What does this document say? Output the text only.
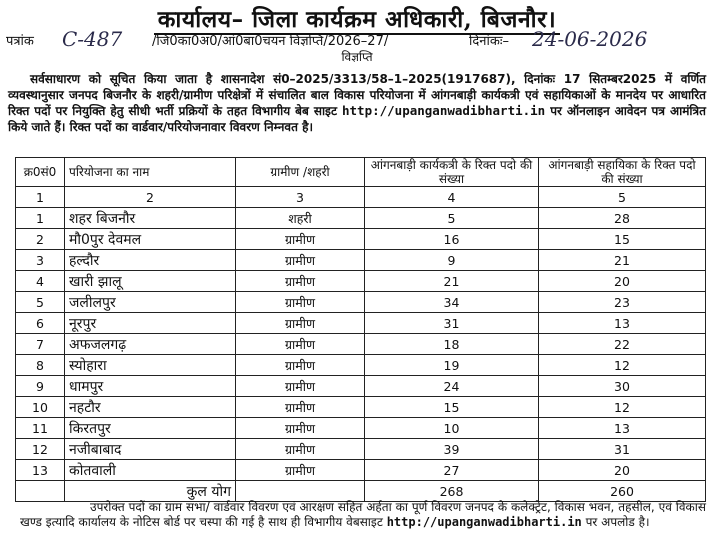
कार्यालय– जिला कार्यक्रम अधिकारी, बिजनौर।
पत्रांक C-487 /जि0का0अ0/आं0बा0चयन विज्ञप्ति/2026–27/	दिनांकः– 24-06-2026
विज्ञप्ति
सर्वसाधारण को सूचित किया जाता है शासनादेश सं0–2025/3313/58–1–2025(1917687), दिनांकः 17 सितम्बर2025 में वर्णित व्यवस्थानुसार जनपद बिजनौर के शहरी/ग्रामीण परिक्षेत्रों में संचालित बाल विकास परियोजना में आंगनबाड़ी कार्यकत्री एवं सहायिकाओं के मानदेय पर आधारित रिक्त पदों पर नियुक्ति हेतु सीधी भर्ती प्रक्रियों के तहत विभागीय बेब साइट http://upanganwadibharti.in पर ऑनलाइन आवेदन पत्र आमंत्रित किये जाते हैं। रिक्त पदों का वार्डवार/परियोजनावार विवरण निम्नवत है।
क्र0सं0	परियोजना का नाम	ग्रामीण /शहरी	आंगनबाड़ी कार्यकत्री के रिक्त पदो की संख्या	आंगनबाड़ी सहायिका के रिक्त पदो की संख्या
1	2	3	4	5
1	शहर बिजनौर	शहरी	5	28
2	मौ0पुर देवमल	ग्रामीण	16	15
3	हल्दौर	ग्रामीण	9	21
4	खारी झालू	ग्रामीण	21	20
5	जलीलपुर	ग्रामीण	34	23
6	नूरपुर	ग्रामीण	31	13
7	अफजलगढ़	ग्रामीण	18	22
8	स्योहारा	ग्रामीण	19	12
9	धामपुर	ग्रामीण	24	30
10	नहटौर	ग्रामीण	15	12
11	किरतपुर	ग्रामीण	10	13
12	नजीबाबाद	ग्रामीण	39	31
13	कोतवाली	ग्रामीण	27	20
	कुल योग		268	260
उपरोक्त पदों का ग्राम सभा/ वार्डवार विवरण एवं आरक्षण सहित अर्हता का पूर्ण विवरण जनपद के कलेक्ट्रेट, विकास भवन, तहसील, एवं विकास खण्ड इत्यादि कार्यालय के नोटिस बोर्ड पर चस्पा की गई है साथ ही विभागीय वेबसाइट http://upanganwadibharti.in पर अपलोड है।
